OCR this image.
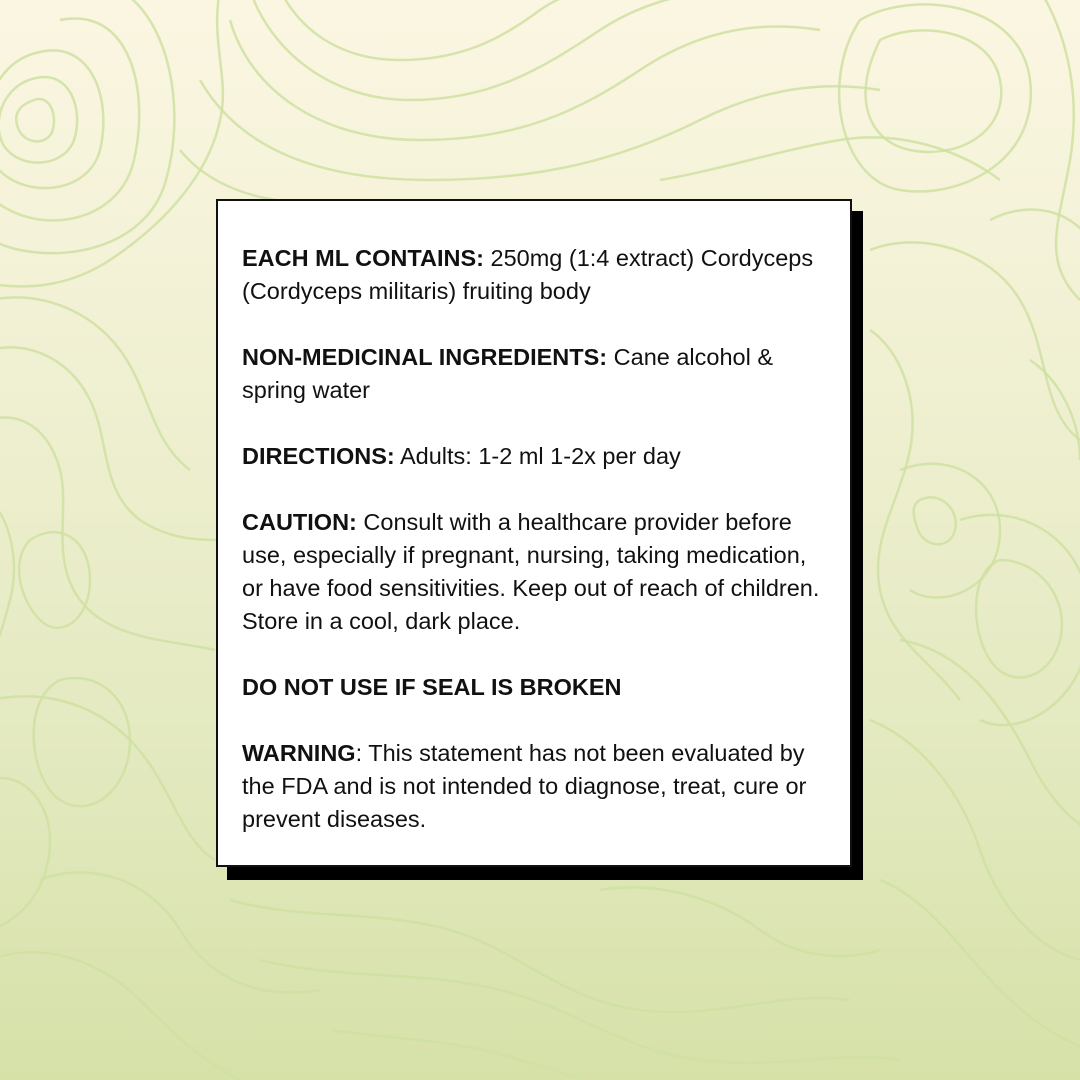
EACH ML CONTAINS: 250mg (1:4 extract) Cordyceps (Cordyceps militaris) fruiting body

NON-MEDICINAL INGREDIENTS: Cane alcohol & spring water

DIRECTIONS: Adults: 1-2 ml 1-2x per day

CAUTION: Consult with a healthcare provider before use, especially if pregnant, nursing, taking medication, or have food sensitivities. Keep out of reach of children. Store in a cool, dark place.

DO NOT USE IF SEAL IS BROKEN

WARNING: This statement has not been evaluated by the FDA and is not intended to diagnose, treat, cure or prevent diseases.
